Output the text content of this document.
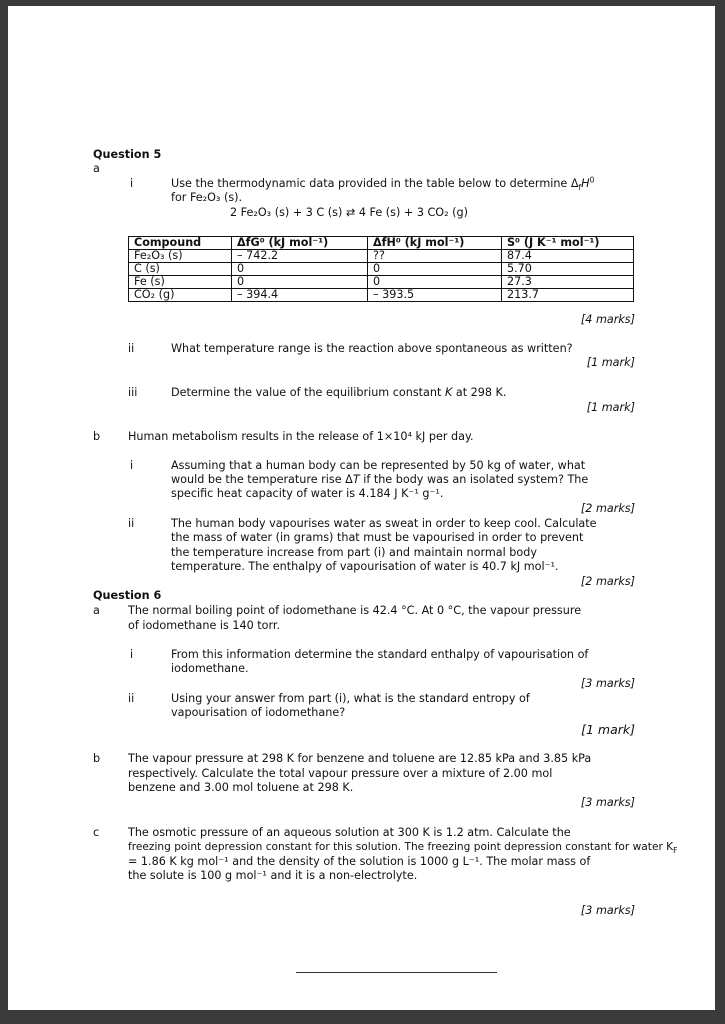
Question 5
a
i	Use the thermodynamic data provided in the table below to determine $\Delta_fH^0$
for Fe₂O₃ (s).
2 Fe₂O₃ (s) + 3 C (s) ⇄ 4 Fe (s) + 3 CO₂ (g)
Compound	ΔfG⁰ (kJ mol⁻¹)	ΔfH⁰ (kJ mol⁻¹)	S⁰ (J K⁻¹ mol⁻¹)
Fe₂O₃ (s)	– 742.2	??	87.4
C (s)	0	0	5.70
Fe (s)	0	0	27.3
CO₂ (g)	– 394.4	– 393.5	213.7
[4 marks]
ii	What temperature range is the reaction above spontaneous as written?
[1 mark]
iii	Determine the value of the equilibrium constant K at 298 K.
[1 mark]
b Human metabolism results in the release of 1×10⁴ kJ per day.
i	Assuming that a human body can be represented by 50 kg of water, what
would be the temperature rise ΔT if the body was an isolated system? The
specific heat capacity of water is 4.184 J K⁻¹ g⁻¹.
[2 marks]
ii	The human body vapourises water as sweat in order to keep cool. Calculate
the mass of water (in grams) that must be vapourised in order to prevent
the temperature increase from part (i) and maintain normal body
temperature. The enthalpy of vapourisation of water is 40.7 kJ mol⁻¹.
[2 marks]
Question 6
a	The normal boiling point of iodomethane is 42.4 °C. At 0 °C, the vapour pressure
of iodomethane is 140 torr.
i	From this information determine the standard enthalpy of vapourisation of
iodomethane.
[3 marks]
ii	Using your answer from part (i), what is the standard entropy of
vapourisation of iodomethane?
[1 mark]
b The vapour pressure at 298 K for benzene and toluene are 12.85 kPa and 3.85 kPa
respectively. Calculate the total vapour pressure over a mixture of 2.00 mol
benzene and 3.00 mol toluene at 298 K.
[3 marks]
c	The osmotic pressure of an aqueous solution at 300 K is 1.2 atm. Calculate the
freezing point depression constant for this solution. The freezing point depression constant for water $K_F$
= 1.86 K kg mol⁻¹ and the density of the solution is 1000 g L⁻¹. The molar mass of
the solute is 100 g mol⁻¹ and it is a non-electrolyte.
[3 marks]
